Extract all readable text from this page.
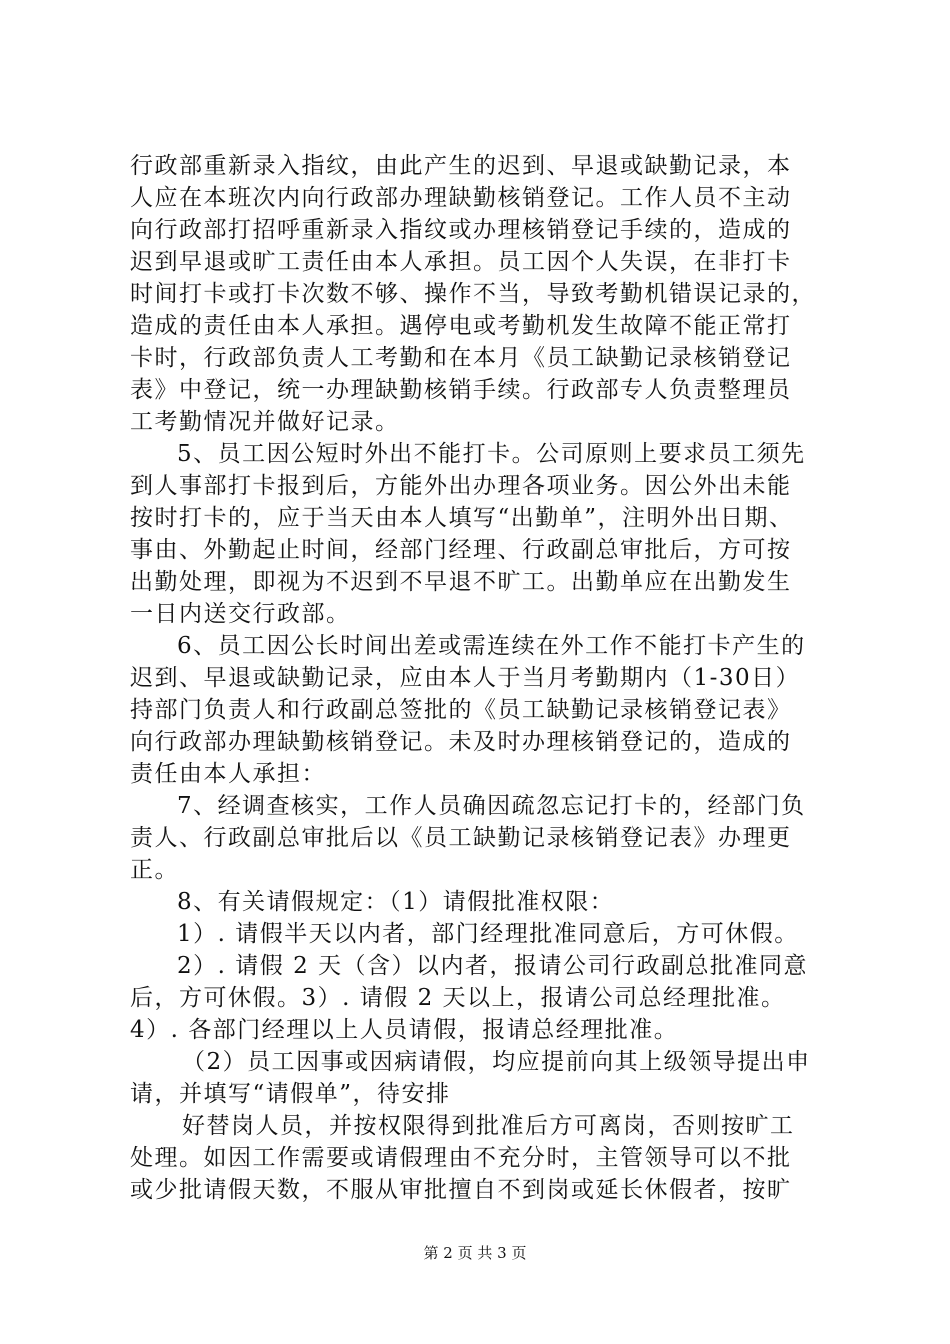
行政部重新录入指纹，由此产生的迟到、早退或缺勤记录，本
人应在本班次内向行政部办理缺勤核销登记。工作人员不主动
向行政部打招呼重新录入指纹或办理核销登记手续的，造成的
迟到早退或旷工责任由本人承担。员工因个人失误，在非打卡
时间打卡或打卡次数不够、操作不当，导致考勤机错误记录的，
造成的责任由本人承担。遇停电或考勤机发生故障不能正常打
卡时，行政部负责人工考勤和在本月《员工缺勤记录核销登记
表》中登记，统一办理缺勤核销手续。行政部专人负责整理员
工考勤情况并做好记录。
5、员工因公短时外出不能打卡。公司原则上要求员工须先
到人事部打卡报到后，方能外出办理各项业务。因公外出未能
按时打卡的，应于当天由本人填写“出勤单”，注明外出日期、
事由、外勤起止时间，经部门经理、行政副总审批后，方可按
出勤处理，即视为不迟到不早退不旷工。出勤单应在出勤发生
一日内送交行政部。
6、员工因公长时间出差或需连续在外工作不能打卡产生的
迟到、早退或缺勤记录，应由本人于当月考勤期内（1-30日）
持部门负责人和行政副总签批的《员工缺勤记录核销登记表》
向行政部办理缺勤核销登记。未及时办理核销登记的，造成的
责任由本人承担：
7、经调查核实，工作人员确因疏忽忘记打卡的，经部门负
责人、行政副总审批后以《员工缺勤记录核销登记表》办理更
正。
8、有关请假规定：（1）请假批准权限：
1）. 请假半天以内者，部门经理批准同意后，方可休假。
2）. 请假 2 天（含）以内者，报请公司行政副总批准同意
后，方可休假。3）. 请假 2 天以上，报请公司总经理批准。
4）. 各部门经理以上人员请假，报请总经理批准。
（2）员工因事或因病请假，均应提前向其上级领导提出申
请，并填写“请假单”，待安排
好替岗人员，并按权限得到批准后方可离岗，否则按旷工
处理。如因工作需要或请假理由不充分时，主管领导可以不批
或少批请假天数，不服从审批擅自不到岗或延长休假者，按旷
第 2 页 共 3 页
